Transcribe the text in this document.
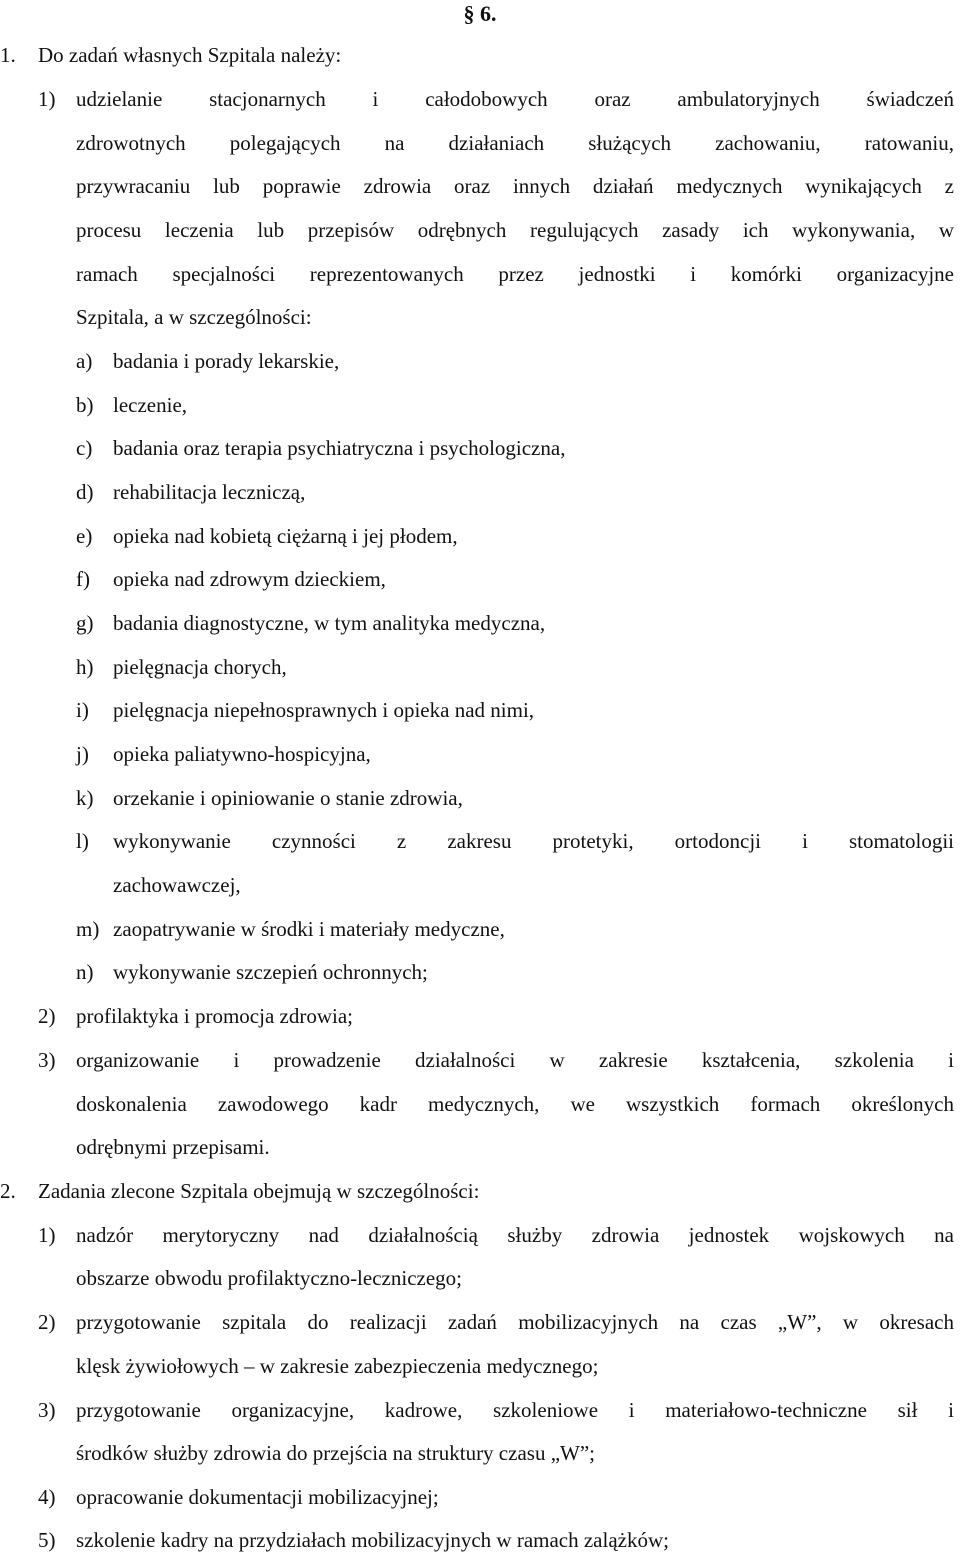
§ 6.
1. Do zadań własnych Szpitala należy:
1) udzielanie stacjonarnych i całodobowych oraz ambulatoryjnych świadczeń
zdrowotnych polegających na działaniach służących zachowaniu, ratowaniu,
przywracaniu lub poprawie zdrowia oraz innych działań medycznych wynikających z
procesu leczenia lub przepisów odrębnych regulujących zasady ich wykonywania, w
ramach specjalności reprezentowanych przez jednostki i komórki organizacyjne
Szpitala, a w szczególności:
a) badania i porady lekarskie,
b) leczenie,
c) badania oraz terapia psychiatryczna i psychologiczna,
d) rehabilitacja leczniczą,
e) opieka nad kobietą ciężarną i jej płodem,
f) opieka nad zdrowym dzieckiem,
g) badania diagnostyczne, w tym analityka medyczna,
h) pielęgnacja chorych,
i) pielęgnacja niepełnosprawnych i opieka nad nimi,
j) opieka paliatywno-hospicyjna,
k) orzekanie i opiniowanie o stanie zdrowia,
l) wykonywanie czynności z zakresu protetyki, ortodoncji i stomatologii
zachowawczej,
m) zaopatrywanie w środki i materiały medyczne,
n) wykonywanie szczepień ochronnych;
2) profilaktyka i promocja zdrowia;
3) organizowanie i prowadzenie działalności w zakresie kształcenia, szkolenia i
doskonalenia zawodowego kadr medycznych, we wszystkich formach określonych
odrębnymi przepisami.
2. Zadania zlecone Szpitala obejmują w szczególności:
1) nadzór merytoryczny nad działalnością służby zdrowia jednostek wojskowych na
obszarze obwodu profilaktyczno-leczniczego;
2) przygotowanie szpitala do realizacji zadań mobilizacyjnych na czas „W”, w okresach
klęsk żywiołowych – w zakresie zabezpieczenia medycznego;
3) przygotowanie organizacyjne, kadrowe, szkoleniowe i materiałowo-techniczne sił i
środków służby zdrowia do przejścia na struktury czasu „W”;
4) opracowanie dokumentacji mobilizacyjnej;
5) szkolenie kadry na przydziałach mobilizacyjnych w ramach zalążków;
